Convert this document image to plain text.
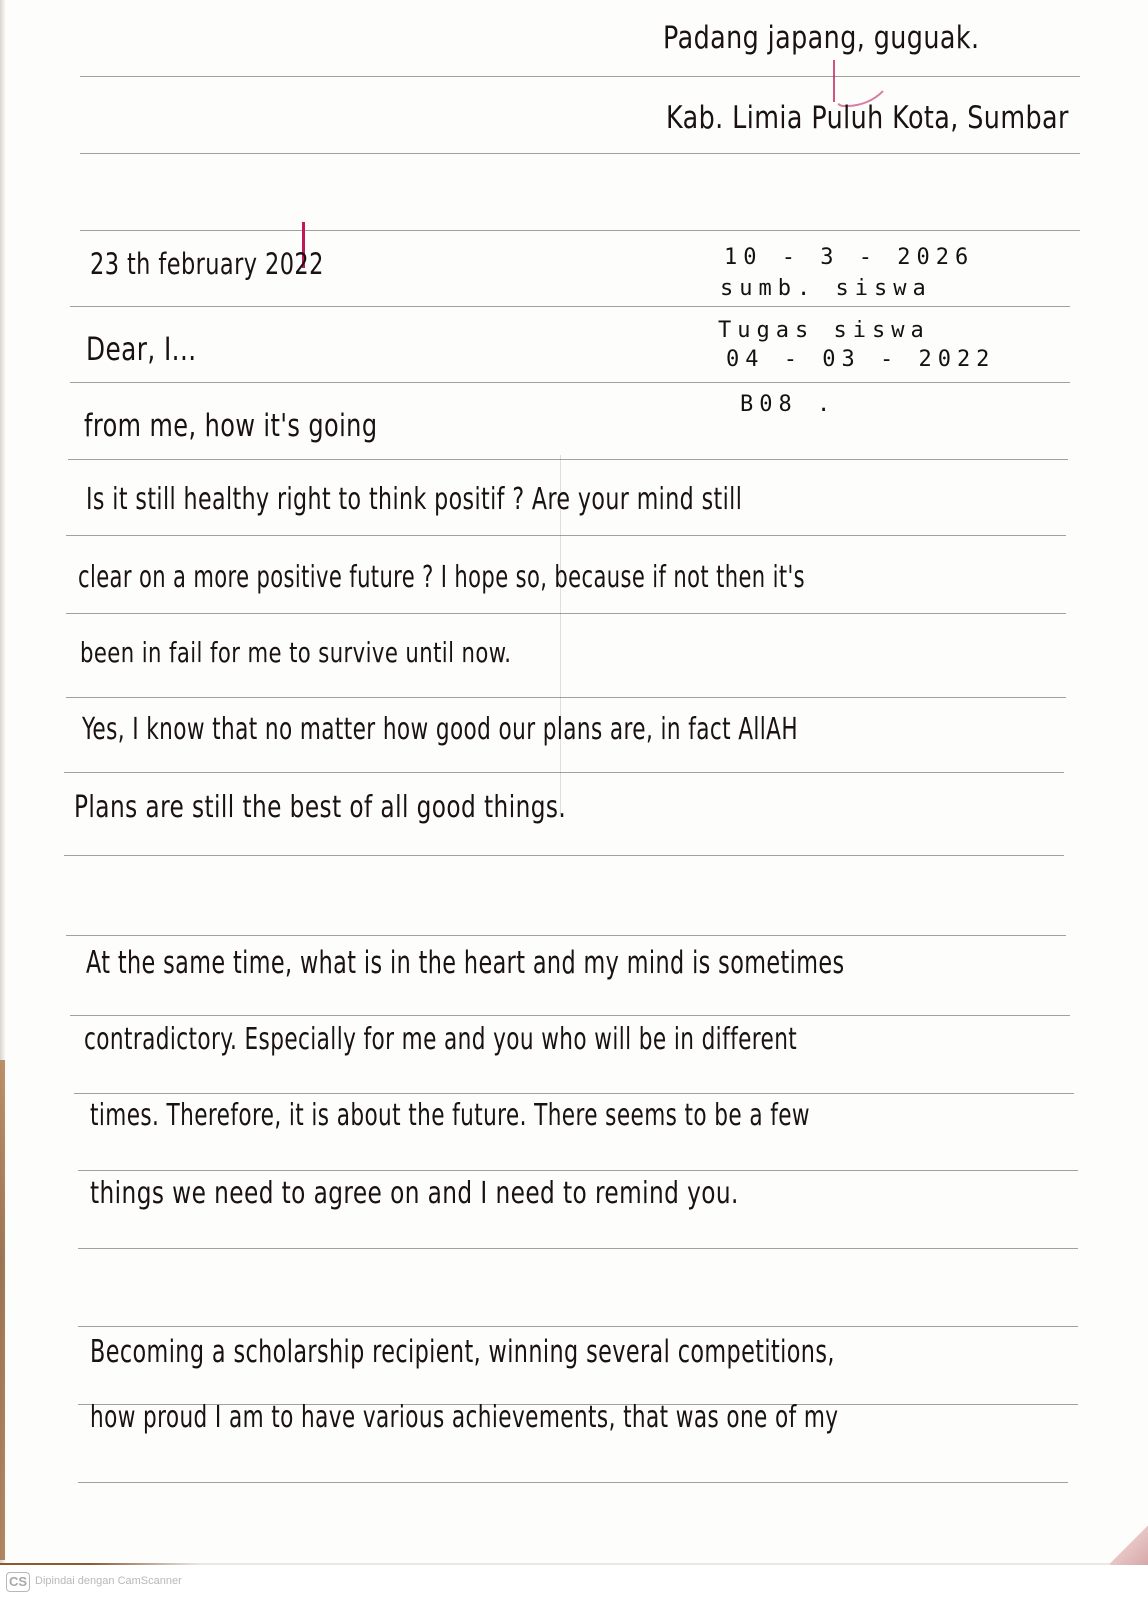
Padang japang, guguak.
Kab. Limia Puluh Kota, Sumbar
23 th february 2022	10 - 3 - 2026
sumb. siswa
Tugas siswa
04 - 03 - 2022
B08 .
Dear, I...
from me, how it's going
Is it still healthy right to think positif ? Are your mind still
clear on a more positive future ? I hope so, because if not then it's
been in fail for me to survive until now.
Yes, I know that no matter how good our plans are, in fact AllAH
Plans are still the best of all good things.
At the same time, what is in the heart and my mind is sometimes
contradictory. Especially for me and you who will be in different
times. Therefore, it is about the future. There seems to be a few
things we need to agree on and I need to remind you.
Becoming a scholarship recipient, winning several competitions,
how proud I am to have various achievements, that was one of my
CS Dipindai dengan CamScanner
